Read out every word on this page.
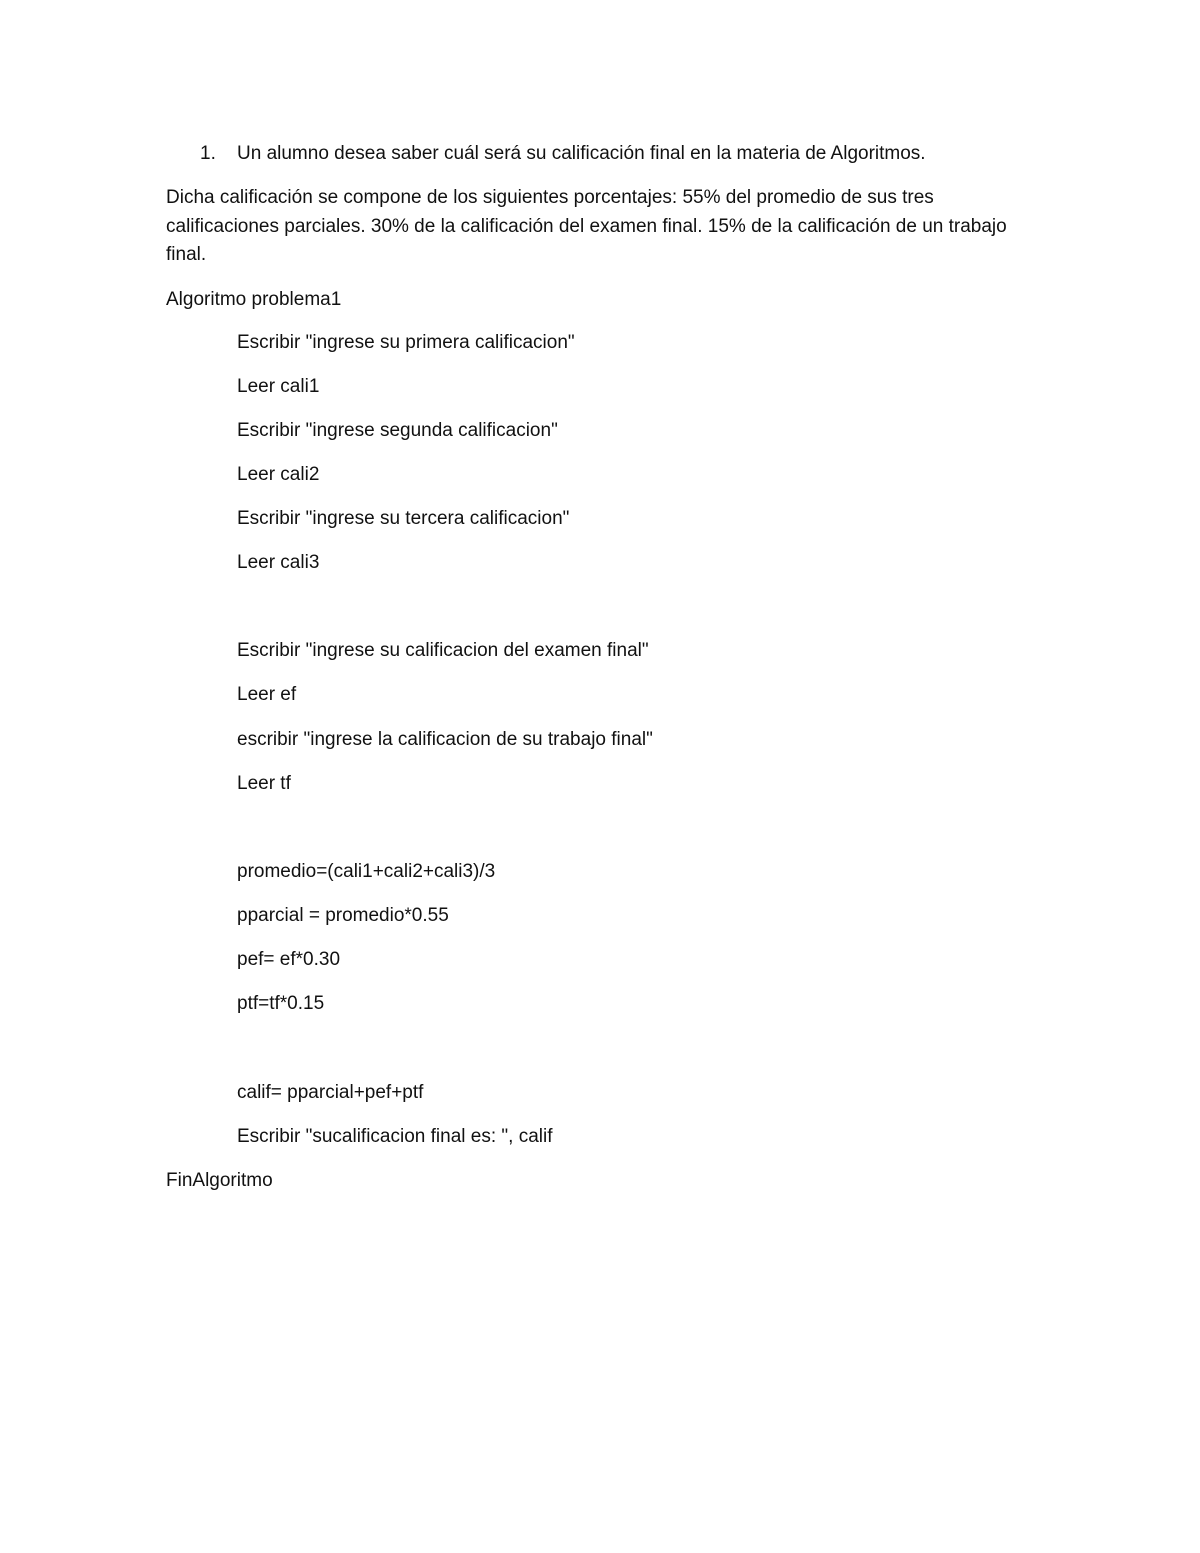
1. Un alumno desea saber cuál será su calificación final en la materia de Algoritmos.
Dicha calificación se compone de los siguientes porcentajes: 55% del promedio de sus tres calificaciones parciales. 30% de la calificación del examen final. 15% de la calificación de un trabajo final.
Algoritmo problema1
Escribir "ingrese su primera calificacion"
Leer cali1
Escribir "ingrese segunda calificacion"
Leer cali2
Escribir "ingrese su tercera calificacion"
Leer cali3
Escribir "ingrese su calificacion del examen final"
Leer ef
escribir "ingrese la calificacion de su trabajo final"
Leer tf
promedio=(cali1+cali2+cali3)/3
pparcial = promedio*0.55
pef= ef*0.30
ptf=tf*0.15
calif= pparcial+pef+ptf
Escribir "sucalificacion final es: ", calif
FinAlgoritmo
